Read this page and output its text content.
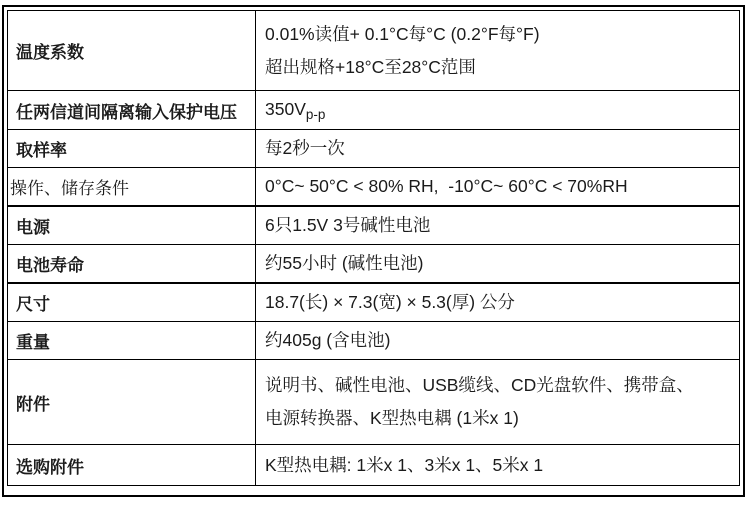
温度系数	0.01%读值+ 0.1°C每°C (0.2°F每°F)
超出规格+18°C至28°C范围

任两信道间隔离输入保护电压	$350V_{p-p}$
取样率	每2秒一次

操作、储存条件	0°C~ 50°C < 80% RH,  -10°C~ 60°C < 70%RH

电源	6只1.5V 3号碱性电池

电池寿命	约55小时 (碱性电池)

尺寸	18.7(长) × 7.3(宽) × 5.3(厚) 公分

重量	约405g (含电池)

附件	说明书、碱性电池、USB缆线、CD光盘软件、携带盒、
电源转换器、K型热电耦 (1米x 1)

选购附件	K型热电耦: 1米x 1、3米x 1、5米x 1
